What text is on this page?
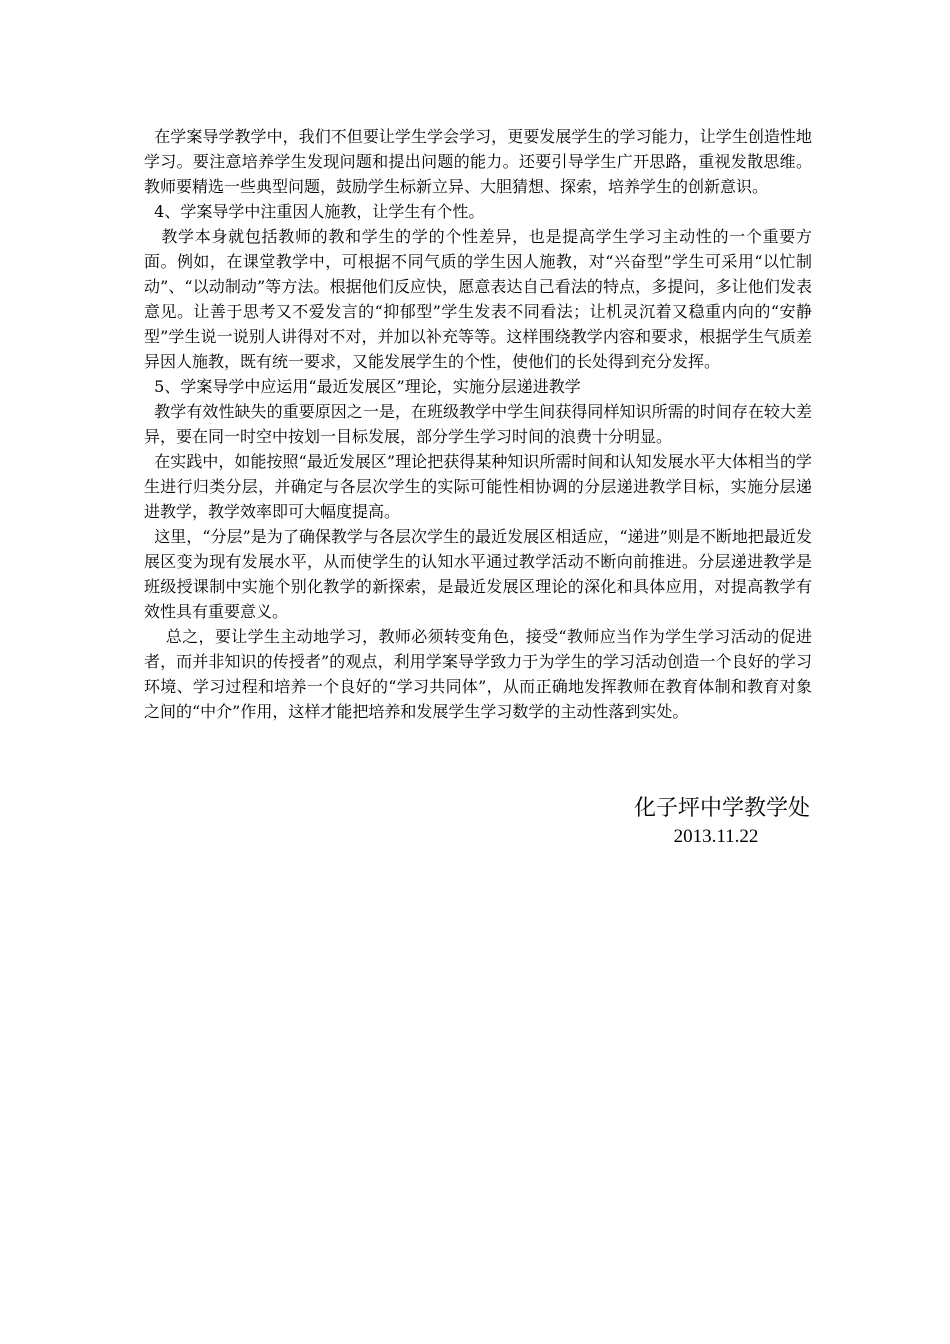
在学案导学教学中，我们不但要让学生学会学习，更要发展学生的学习能力，让学生创造性地学习。要注意培养学生发现问题和提出问题的能力。还要引导学生广开思路，重视发散思维。教师要精选一些典型问题，鼓励学生标新立异、大胆猜想、探索，培养学生的创新意识。

4、学案导学中注重因人施教，让学生有个性。

教学本身就包括教师的教和学生的学的个性差异，也是提高学生学习主动性的一个重要方面。例如，在课堂教学中，可根据不同气质的学生因人施教，对“兴奋型”学生可采用“以忙制动”、“以动制动”等方法。根据他们反应快，愿意表达自己看法的特点，多提问，多让他们发表意见。让善于思考又不爱发言的“抑郁型”学生发表不同看法；让机灵沉着又稳重内向的“安静型”学生说一说别人讲得对不对，并加以补充等等。这样围绕教学内容和要求，根据学生气质差异因人施教，既有统一要求，又能发展学生的个性，使他们的长处得到充分发挥。

5、学案导学中应运用“最近发展区”理论，实施分层递进教学

教学有效性缺失的重要原因之一是，在班级教学中学生间获得同样知识所需的时间存在较大差异，要在同一时空中按划一目标发展，部分学生学习时间的浪费十分明显。

在实践中，如能按照“最近发展区”理论把获得某种知识所需时间和认知发展水平大体相当的学生进行归类分层，并确定与各层次学生的实际可能性相协调的分层递进教学目标，实施分层递进教学，教学效率即可大幅度提高。

这里，“分层”是为了确保教学与各层次学生的最近发展区相适应，“递进”则是不断地把最近发展区变为现有发展水平，从而使学生的认知水平通过教学活动不断向前推进。分层递进教学是班级授课制中实施个别化教学的新探索，是最近发展区理论的深化和具体应用，对提高教学有效性具有重要意义。

总之，要让学生主动地学习，教师必须转变角色，接受“教师应当作为学生学习活动的促进者，而并非知识的传授者”的观点，利用学案导学致力于为学生的学习活动创造一个良好的学习环境、学习过程和培养一个良好的“学习共同体”，从而正确地发挥教师在教育体制和教育对象之间的“中介”作用，这样才能把培养和发展学生学习数学的主动性落到实处。

化子坪中学教学处
2013.11.22
